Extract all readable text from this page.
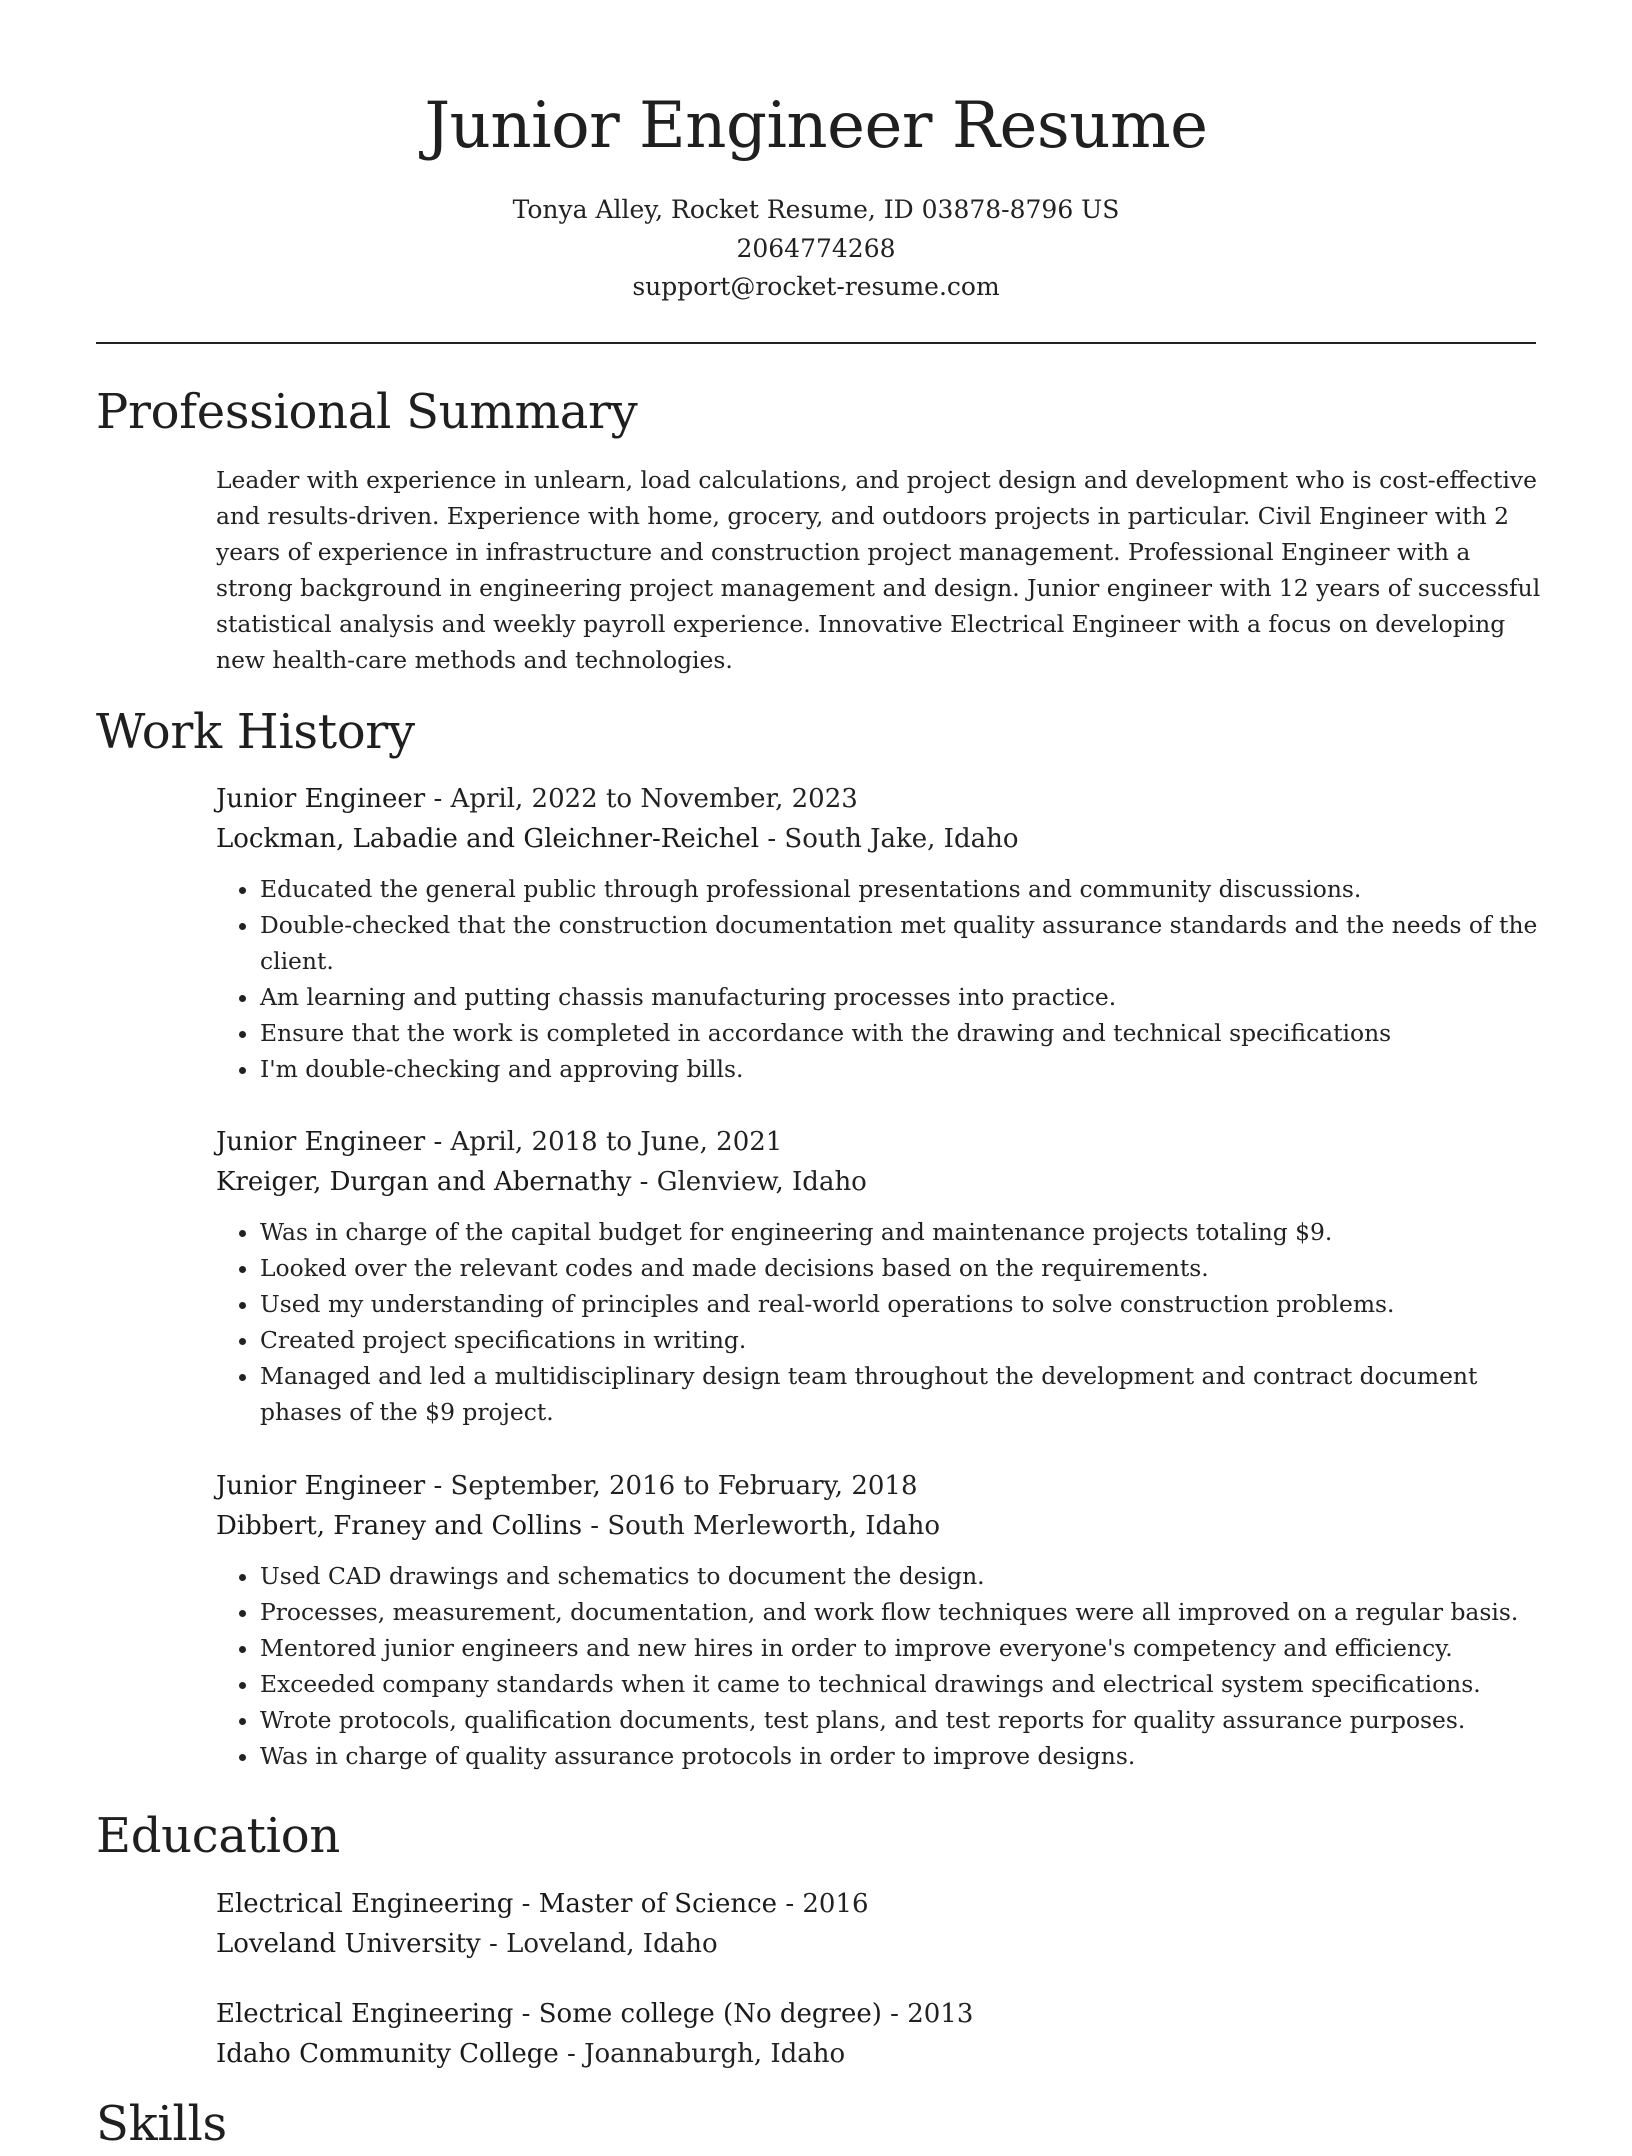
Junior Engineer Resume
Tonya Alley, Rocket Resume, ID 03878-8796 US
2064774268
support@rocket-resume.com
Professional Summary

Leader with experience in unlearn, load calculations, and project design and development who is cost-effective and results-driven. Experience with home, grocery, and outdoors projects in particular. Civil Engineer with 2 years of experience in infrastructure and construction project management. Professional Engineer with a strong background in engineering project management and design. Junior engineer with 12 years of successful statistical analysis and weekly payroll experience. Innovative Electrical Engineer with a focus on developing new health-care methods and technologies.

Work History
Junior Engineer - April, 2022 to November, 2023
Lockman, Labadie and Gleichner-Reichel - South Jake, Idaho
• Educated the general public through professional presentations and community discussions.
• Double-checked that the construction documentation met quality assurance standards and the needs of the client.
• Am learning and putting chassis manufacturing processes into practice.
• Ensure that the work is completed in accordance with the drawing and technical specifications
• I'm double-checking and approving bills.
Junior Engineer - April, 2018 to June, 2021
Kreiger, Durgan and Abernathy - Glenview, Idaho
• Was in charge of the capital budget for engineering and maintenance projects totaling $9.
• Looked over the relevant codes and made decisions based on the requirements.
• Used my understanding of principles and real-world operations to solve construction problems.
• Created project specifications in writing.
• Managed and led a multidisciplinary design team throughout the development and contract document phases of the $9 project.
Junior Engineer - September, 2016 to February, 2018
Dibbert, Franey and Collins - South Merleworth, Idaho
• Used CAD drawings and schematics to document the design.
• Processes, measurement, documentation, and work flow techniques were all improved on a regular basis.
• Mentored junior engineers and new hires in order to improve everyone's competency and efficiency.
• Exceeded company standards when it came to technical drawings and electrical system specifications.
• Wrote protocols, qualification documents, test plans, and test reports for quality assurance purposes.
• Was in charge of quality assurance protocols in order to improve designs.
Education
Electrical Engineering - Master of Science - 2016
Loveland University - Loveland, Idaho
Electrical Engineering - Some college (No degree) - 2013
Idaho Community College - Joannaburgh, Idaho
Skills
